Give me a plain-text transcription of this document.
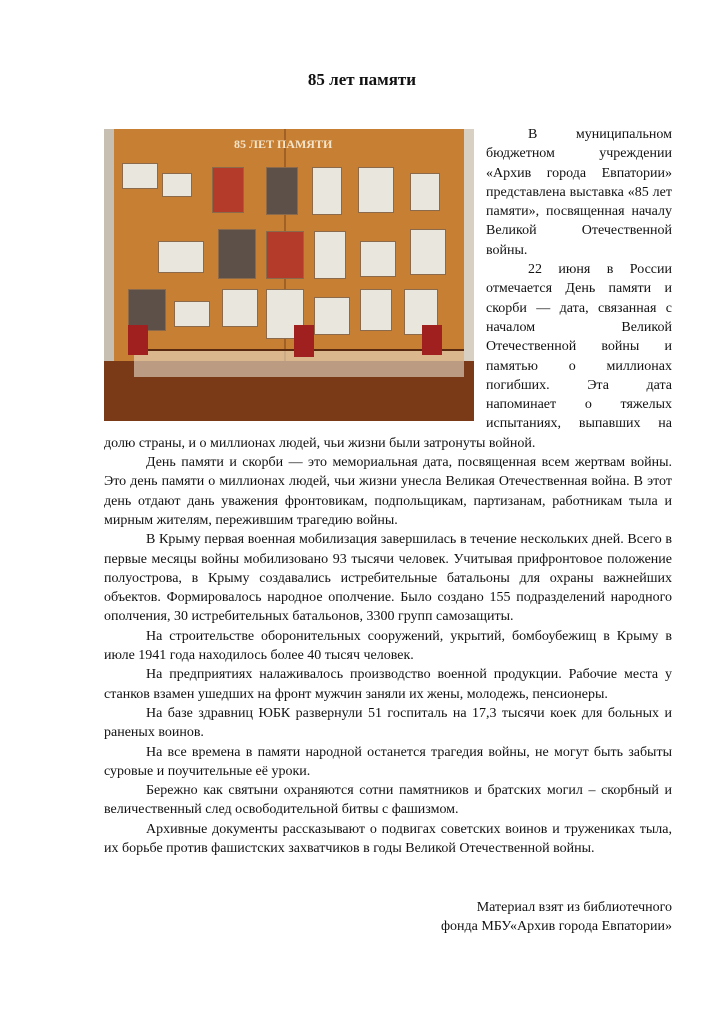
85 лет памяти
85 ЛЕТ ПАМЯТИ

В муниципальном бюджетном учреждении «Архив города Евпатории» представлена выставка «85 лет памяти», посвященная началу Великой Отечественной войны.

22 июня в России отмечается День памяти и скорби — дата, связанная с началом Великой Отечественной войны и памятью о миллионах погибших. Эта дата напоминает о тяжелых испытаниях, выпавших на долю страны, и о миллионах людей, чьи жизни были затронуты войной.

День памяти и скорби — это мемориальная дата, посвященная всем жертвам войны. Это день памяти о миллионах людей, чьи жизни унесла Великая Отечественная война. В этот день отдают дань уважения фронтовикам, подпольщикам, партизанам, работникам тыла и мирным жителям, пережившим трагедию войны.

В Крыму первая военная мобилизация завершилась в течение нескольких дней. Всего в первые месяцы войны мобилизовано 93 тысячи человек. Учитывая прифронтовое положение полуострова, в Крыму создавались истребительные батальоны для охраны важнейших объектов. Формировалось народное ополчение. Было создано 155 подразделений народного ополчения, 30 истребительных батальонов, 3300 групп самозащиты.

На строительстве оборонительных сооружений, укрытий, бомбоубежищ в Крыму в июле 1941 года находилось более 40 тысяч человек.

На предприятиях налаживалось производство военной продукции. Рабочие места у станков взамен ушедших на фронт мужчин заняли их жены, молодежь, пенсионеры.

На базе здравниц ЮБК развернули 51 госпиталь на 17,3 тысячи коек для больных и раненых воинов.

На все времена в памяти народной останется трагедия войны, не могут быть забыты суровые и поучительные её уроки.

Бережно как святыни охраняются сотни памятников и братских могил – скорбный и величественный след освободительной битвы с фашизмом.

Архивные документы рассказывают о подвигах советских воинов и тружениках тыла, их борьбе против фашистских захватчиков в годы Великой Отечественной войны.

Материал взят из библиотечного
фонда МБУ«Архив города Евпатории»
